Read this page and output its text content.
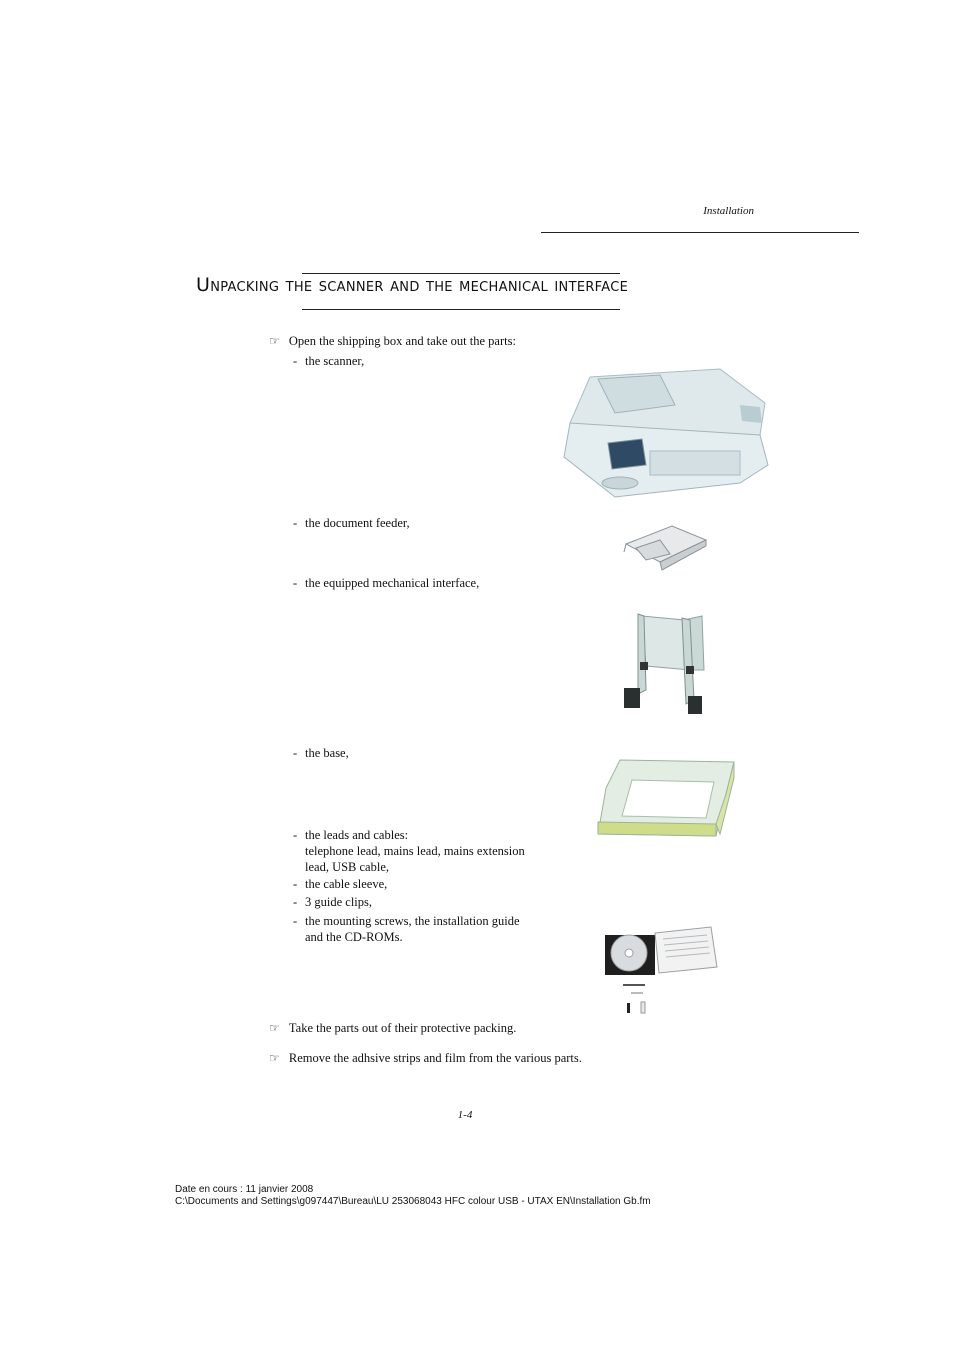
Installation
Unpacking the scanner and the mechanical interface
☞ Open the shipping box and take out the parts:
- the scanner,
- the document feeder,
- the equipped mechanical interface,
- the base,
- the leads and cables:
telephone lead, mains lead, mains extension
lead, USB cable,
- the cable sleeve,
- 3 guide clips,
- the mounting screws, the installation guide
and the CD-ROMs.
☞ Take the parts out of their protective packing.
☞ Remove the adhsive strips and film from the various parts.
1-4
Date en cours : 11 janvier 2008
C:\Documents and Settings\g097447\Bureau\LU 253068043 HFC colour USB - UTAX EN\Installation Gb.fm
